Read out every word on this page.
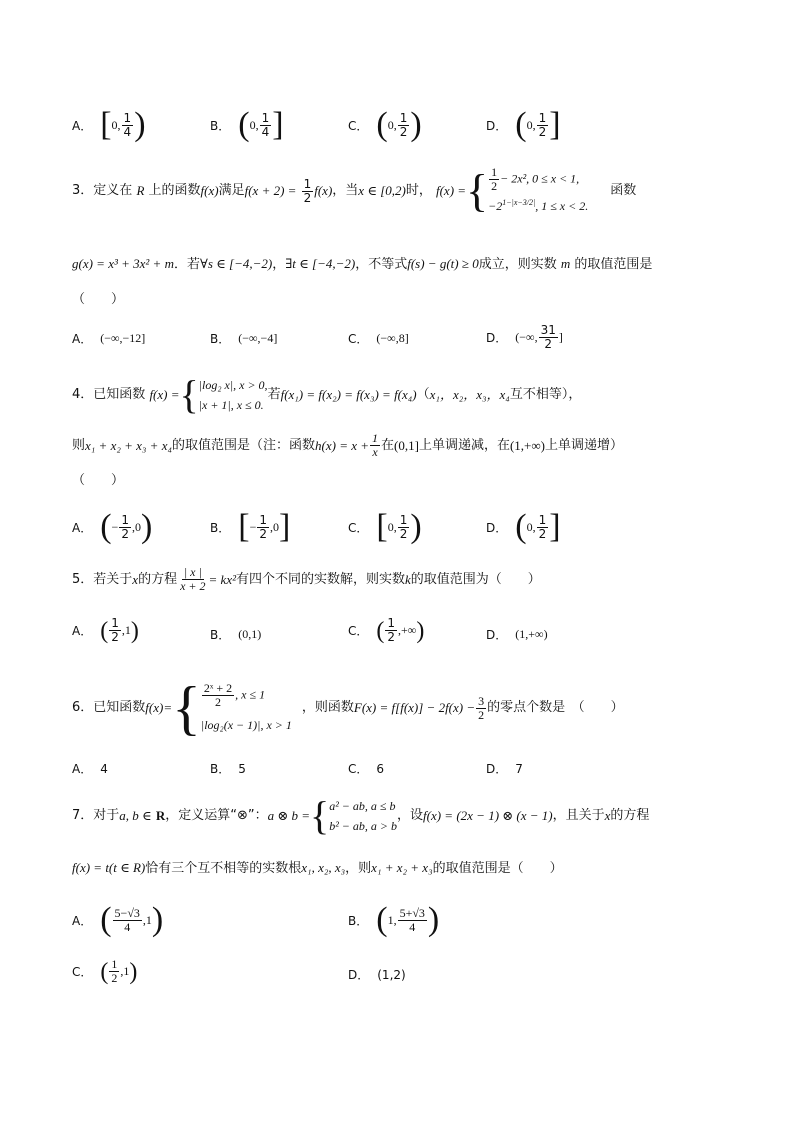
A． [ 0 , $\frac{1}{4}$ )	B． ( 0 , $\frac{1}{4}$ ]	C． ( 0 , $\frac{1}{2}$ )	D． ( 0 , $\frac{1}{2}$ ]
3． 定义在
R
上的函数 f(x) 满足 f(x + 2) =
$\frac{1}{2} f(x)$ ，当 x ∈ [0,2) 时，
f(x) = { $\frac{1}{2} - 2x^2$, 0 ≤ x < 1,
$-2^{1-|x-3/2|}$, 1 ≤ x < 2.
函数
g(x) = x³ + 3x² + m．若∀s ∈ [−4,−2)，∃t ∈ [−4,−2)，不等式f(s) − g(t) ≥ 0成立，则实数 m 的取值范围是
（　　）
A． (−∞,−12]	B． (−∞,−4]	C． (−∞,8]	D． (−∞, $\frac{31}{2}$ ]
4． 已知函数
f(x) = { |log₂ x|, x > 0,
|x + 1|, x ≤ 0.
若 f(x₁) = f(x₂) = f(x₃) = f(x₄) （ x₁，x₂，x₃，x₄ 互不相等），
则 x₁ + x₂ + x₃ + x₄ 的取值范围是（注：函数 $h(x) = x + \frac{1}{x}$ 在 (0,1] 上单调递减，在 (1,+∞) 上单调递增）
（　　）
A． ( − $\frac{1}{2} ,0$ )	B． [ − $\frac{1}{2} ,0$ ]	C． [ 0, $\frac{1}{2}$ )	D． ( 0, $\frac{1}{2}$ ]
5． 若关于 x 的方程 $\frac{| x |}{x + 2} = kx^2$ 有四个不同的实数解，则实数 k 的取值范围为（　　）
A． ( $\frac{1}{2} ,1$ )	B． (0,1)	C． ( $\frac{1}{2}$ ,+∞ )	D． (1,+∞)
6． 已知函数 f(x)= { $\frac{\text{2ˣ + 2}}{2}$ , x ≤ 1
|log₂(x − 1)|, x > 1
，则函数 $F(x) = f[f(x)] - 2f(x) - \frac{3}{2}$ 的零点个数是　（　　）
A． 4	B． 5	C． 6	D． 7
7． 对于 a, b ∈
R ，定义运算“⊗”： a ⊗ b = { a² − ab, a ≤ b
b² − ab, a > b
，设 f(x) = (2x − 1) ⊗ (x − 1) ，且关于 x 的方程
f(x) = t(t ∈ R)恰有三个互不相等的实数根x₁, x₂, x₃，则x₁ + x₂ + x₃的取值范围是（　　）
A． ( $\frac{5-√3}{4} ,1$ )	B． ( 1, $\frac{5+√3}{4}$ )
C． ( $\frac{1}{2} ,1$ )	D． (1,2)
